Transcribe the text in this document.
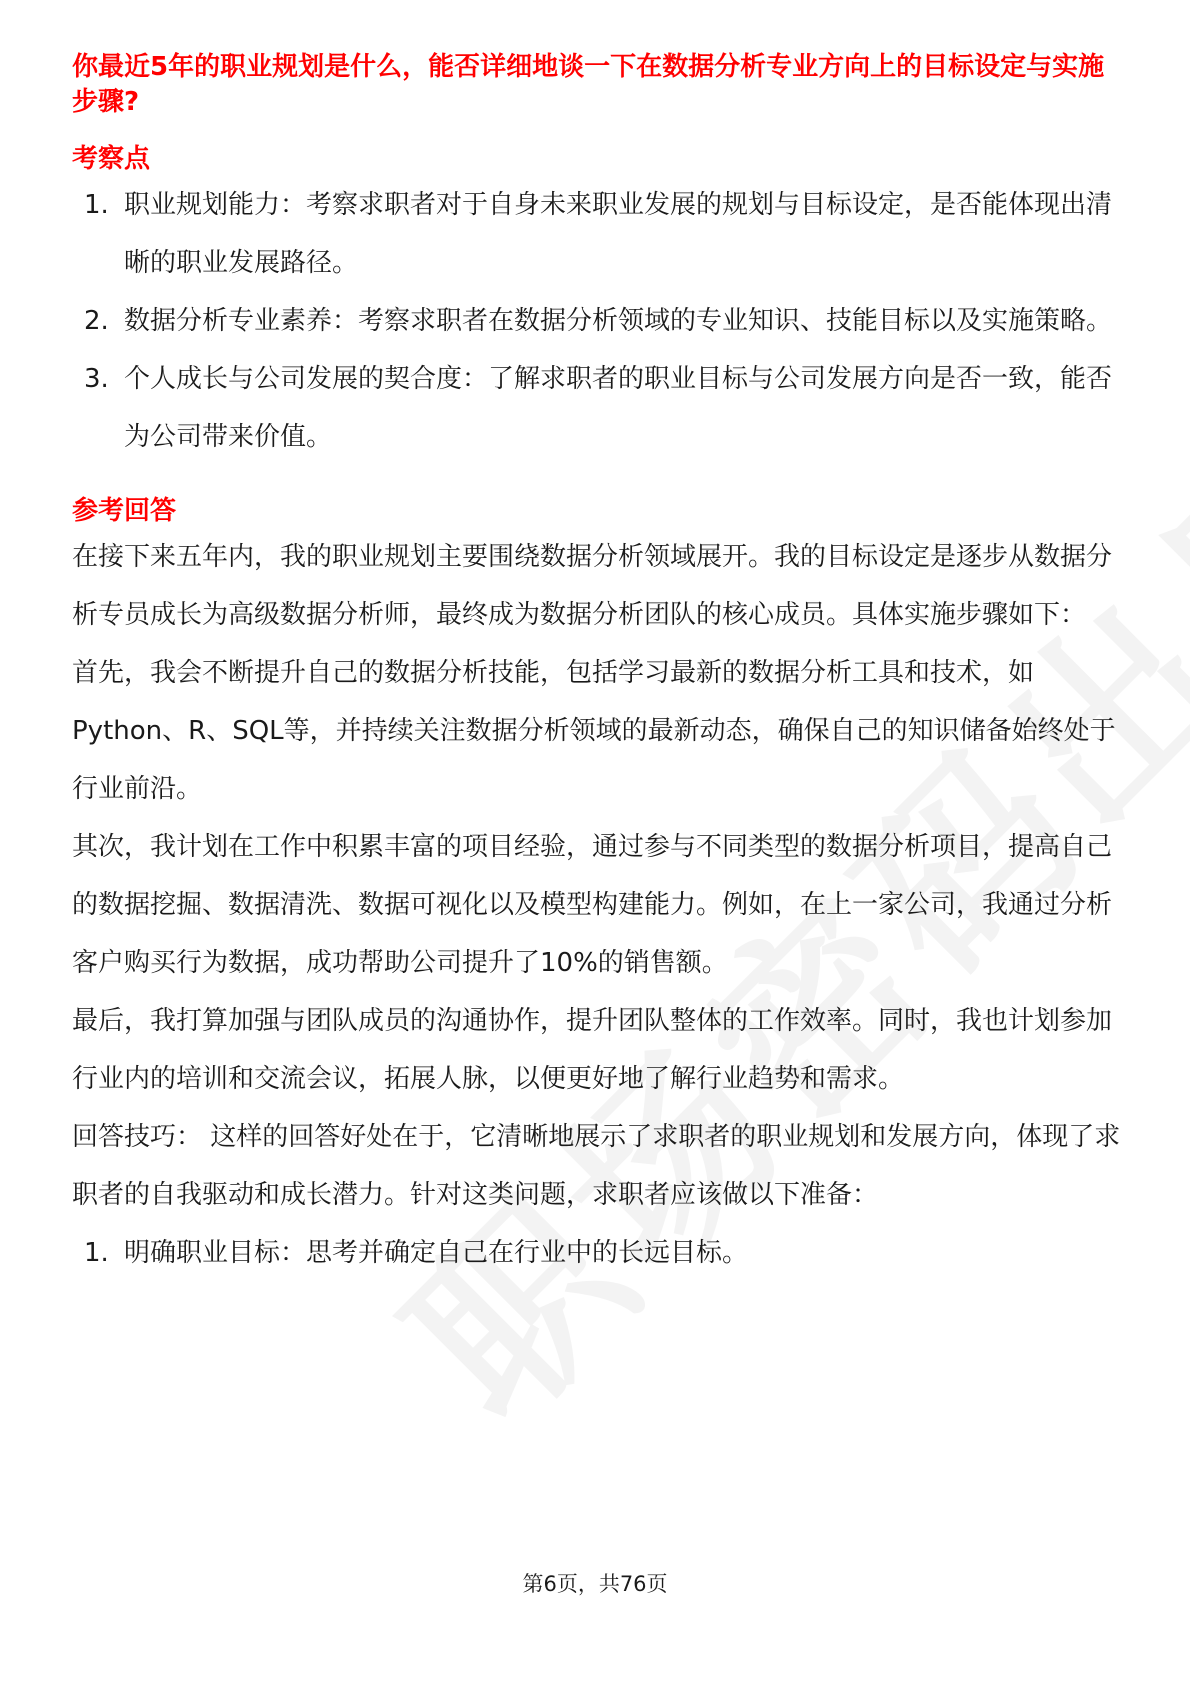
你最近5年的职业规划是什么，能否详细地谈一下在数据分析专业方向上的目标设定与实施步骤?
考察点
1. 职业规划能力：考察求职者对于自身未来职业发展的规划与目标设定，是否能体现出清晰的职业发展路径。
2. 数据分析专业素养：考察求职者在数据分析领域的专业知识、技能目标以及实施策略。
3. 个人成长与公司发展的契合度：了解求职者的职业目标与公司发展方向是否一致，能否为公司带来价值。
参考回答

在接下来五年内，我的职业规划主要围绕数据分析领域展开。我的目标设定是逐步从数据分析专员成长为高级数据分析师，最终成为数据分析团队的核心成员。具体实施步骤如下：

首先，我会不断提升自己的数据分析技能，包括学习最新的数据分析工具和技术，如Python、R、SQL等，并持续关注数据分析领域的最新动态，确保自己的知识储备始终处于行业前沿。

其次，我计划在工作中积累丰富的项目经验，通过参与不同类型的数据分析项目，提高自己的数据挖掘、数据清洗、数据可视化以及模型构建能力。例如，在上一家公司，我通过分析客户购买行为数据，成功帮助公司提升了10%的销售额。

最后，我打算加强与团队成员的沟通协作，提升团队整体的工作效率。同时，我也计划参加行业内的培训和交流会议，拓展人脉，以便更好地了解行业趋势和需求。

回答技巧： 这样的回答好处在于，它清晰地展示了求职者的职业规划和发展方向，体现了求职者的自我驱动和成长潜力。针对这类问题，求职者应该做以下准备：

1. 明确职业目标：思考并确定自己在行业中的长远目标。
第6页，共76页
